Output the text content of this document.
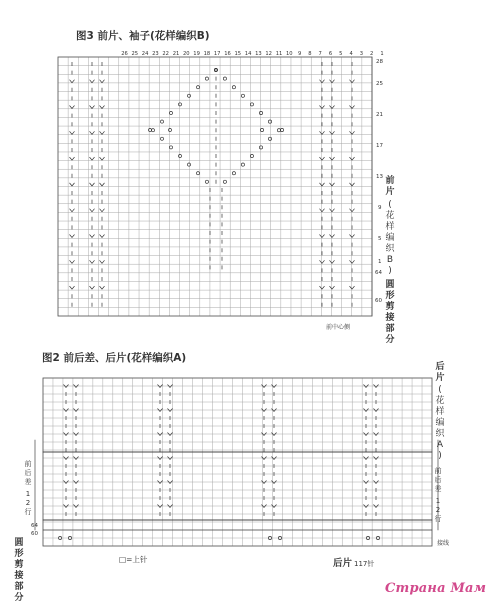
图3 前片、袖子(花样编织B)
26 25 24 23 22 21 20 19 18 17 16 15 14 13 12 11 10	9	8	7	6	5	4	3	2	1
28
25
21
17
13
9
5
1
64
60
前
片
(
花
样
编
织
B
)
圆
形
剪
接
部
分
前中心侧
图2 前后差、后片(花样编织A)
后
片
(
花
样
编
织
A
)
前
后
差
1
2
行
前
后
差
1
2
行
圆
形
剪
接
部
分
64
60
接线
□=上针	后片 117针
Страна Мам
